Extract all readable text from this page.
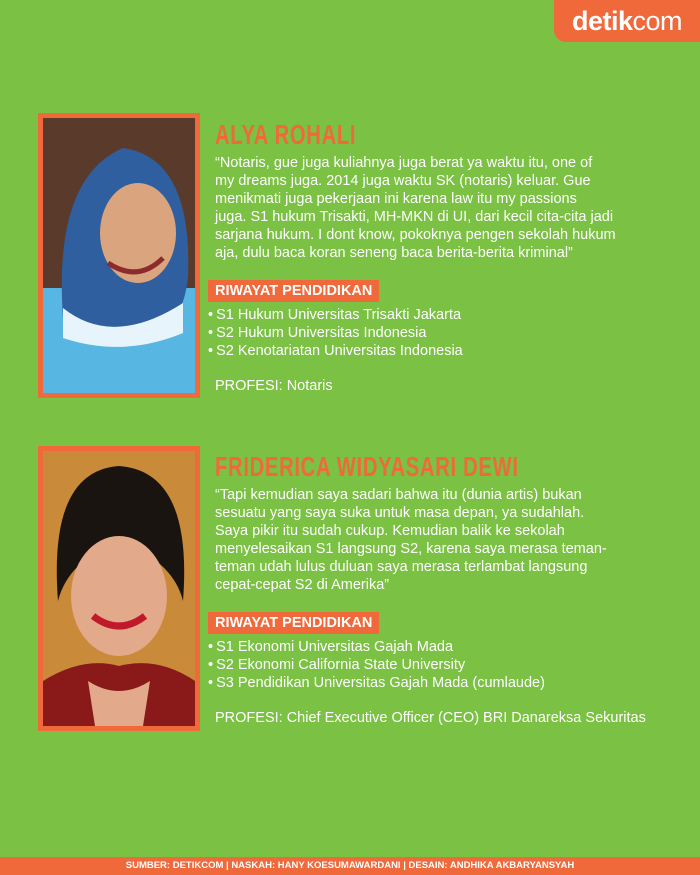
detik com
ALYA ROHALI
“Notaris, gue juga kuliahnya juga berat ya waktu itu, one of
my dreams juga. 2014 juga waktu SK (notaris) keluar. Gue
menikmati juga pekerjaan ini karena law itu my passions
juga. S1 hukum Trisakti, MH-MKN di UI, dari kecil cita-cita jadi
sarjana hukum. I dont know, pokoknya pengen sekolah hukum
aja, dulu baca koran seneng baca berita-berita kriminal”
RIWAYAT PENDIDIKAN
• S1 Hukum Universitas Trisakti Jakarta
• S2 Hukum Universitas Indonesia
• S2 Kenotariatan Universitas Indonesia
PROFESI: Notaris
FRIDERICA WIDYASARI DEWI
“Tapi kemudian saya sadari bahwa itu (dunia artis) bukan
sesuatu yang saya suka untuk masa depan, ya sudahlah.
Saya pikir itu sudah cukup. Kemudian balik ke sekolah
menyelesaikan S1 langsung S2, karena saya merasa teman-
teman udah lulus duluan saya merasa terlambat langsung
cepat-cepat S2 di Amerika”
RIWAYAT PENDIDIKAN
• S1 Ekonomi Universitas Gajah Mada
• S2 Ekonomi California State University
• S3 Pendidikan Universitas Gajah Mada (cumlaude)
PROFESI: Chief Executive Officer (CEO) BRI Danareksa Sekuritas
SUMBER: DETIKCOM | NASKAH: HANY KOESUMAWARDANI | DESAIN: ANDHIKA AKBARYANSYAH
